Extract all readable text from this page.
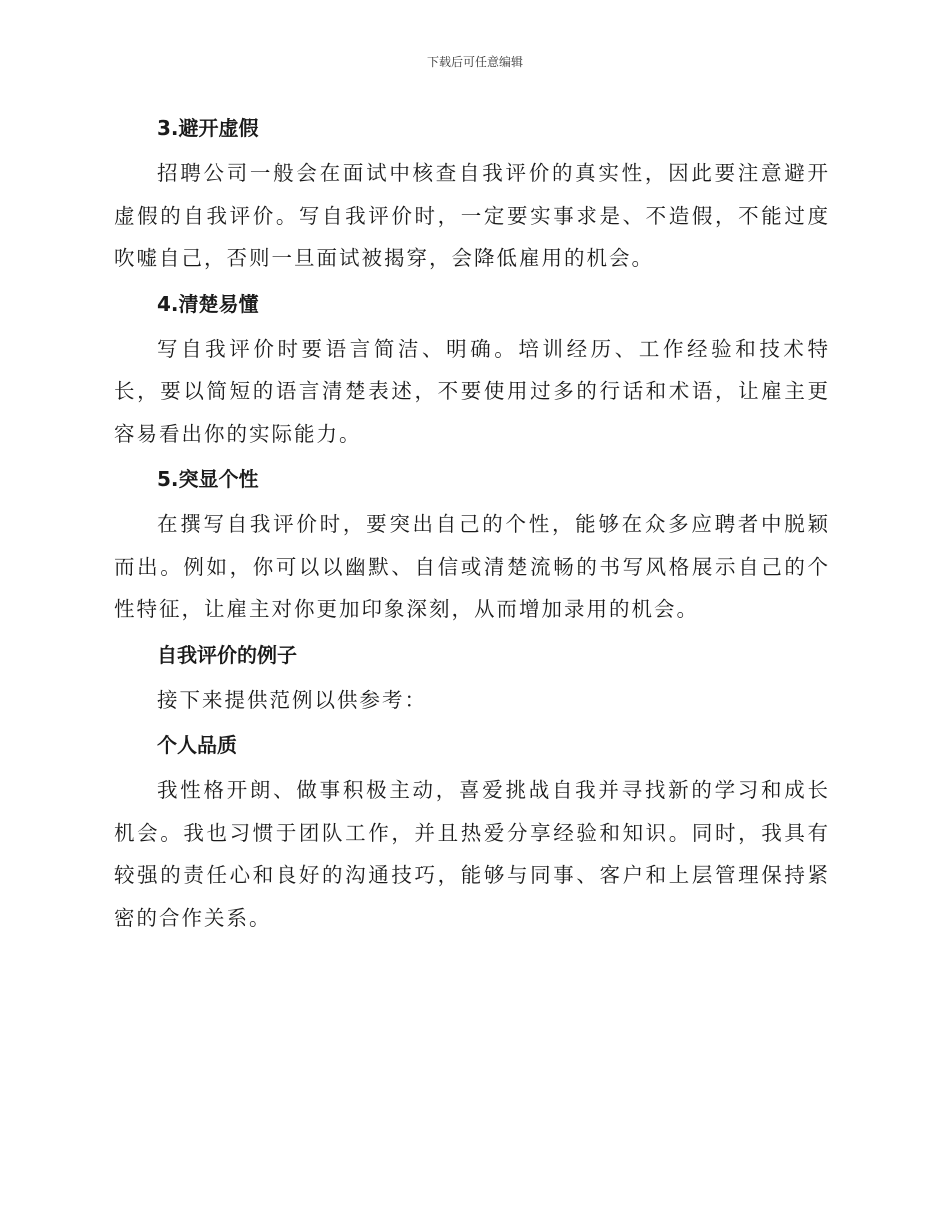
下载后可任意编辑
3.避开虚假

招聘公司一般会在面试中核查自我评价的真实性，因此要注意避开虚假的自我评价。写自我评价时，一定要实事求是、不造假，不能过度吹嘘自己，否则一旦面试被揭穿，会降低雇用的机会。

4.清楚易懂

写自我评价时要语言简洁、明确。培训经历、工作经验和技术特长，要以简短的语言清楚表述，不要使用过多的行话和术语，让雇主更容易看出你的实际能力。

5.突显个性

在撰写自我评价时，要突出自己的个性，能够在众多应聘者中脱颖而出。例如，你可以以幽默、自信或清楚流畅的书写风格展示自己的个性特征，让雇主对你更加印象深刻，从而增加录用的机会。

自我评价的例子

接下来提供范例以供参考：

个人品质

我性格开朗、做事积极主动，喜爱挑战自我并寻找新的学习和成长机会。我也习惯于团队工作，并且热爱分享经验和知识。同时，我具有较强的责任心和良好的沟通技巧，能够与同事、客户和上层管理保持紧密的合作关系。
